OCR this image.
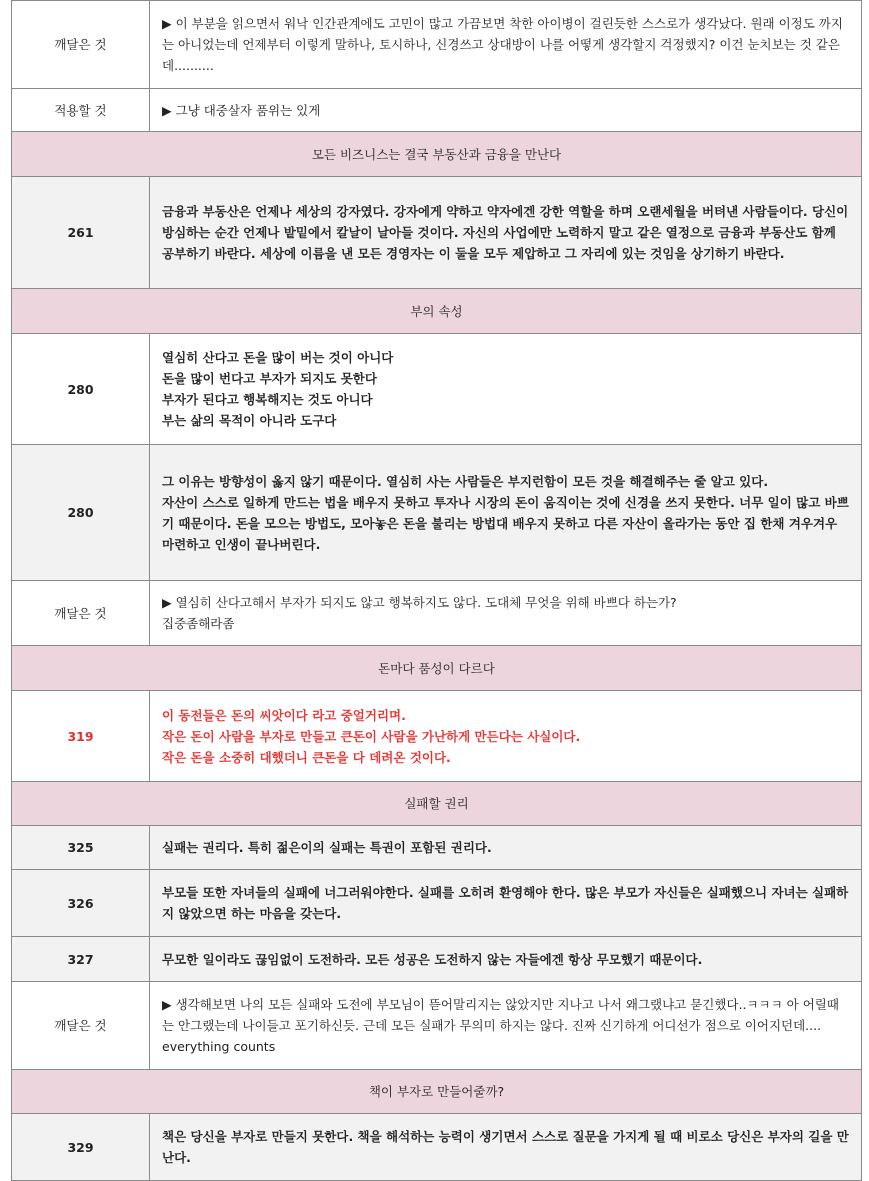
깨달은 것	▶ 이 부분을 읽으면서 워낙 인간관계에도 고민이 많고 가끔보면 착한 아이병이 걸린듯한 스스로가 생각났다. 원래 이정도 까지는 아니었는데 언제부터 이렇게 말하나, 토시하나, 신경쓰고 상대방이 나를 어떻게 생각할지 걱정했지? 이건 눈치보는 것 같은데..........

적용할 것	▶ 그냥 대중살자 품위는 있게

모든 비즈니스는 결국 부동산과 금융을 만난다	
261	금융과 부동산은 언제나 세상의 강자였다. 강자에게 약하고 약자에겐 강한 역할을 하며 오랜세월을 버텨낸 사람들이다. 당신이 방심하는 순간 언제나 밭밑에서 칼날이 날아들 것이다. 자신의 사업에만 노력하지 말고 같은 열정으로 금융과 부동산도 함께 공부하기 바란다. 세상에 이름을 낸 모든 경영자는 이 둘을 모두 제압하고 그 자리에 있는 것임을 상기하기 바란다.

부의 속성	
280	열심히 산다고 돈을 많이 버는 것이 아니다
돈을 많이 번다고 부자가 되지도 못한다
부자가 된다고 행복해지는 것도 아니다
부는 삶의 목적이 아니라 도구다

280	그 이유는 방향성이 옳지 않기 때문이다. 열심히 사는 사람들은 부지런함이 모든 것을 해결해주는 줄 알고 있다.
자산이 스스로 일하게 만드는 법을 배우지 못하고 투자나 시장의 돈이 움직이는 것에 신경을 쓰지 못한다. 너무 일이 많고 바쁘기 때문이다. 돈을 모으는 방법도, 모아놓은 돈을 불리는 방법대 배우지 못하고 다른 자산이 올라가는 동안 집 한채 겨우겨우 마련하고 인생이 끝나버린다.

깨달은 것	▶ 열심히 산다고해서 부자가 되지도 않고 행복하지도 않다. 도대체 무엇을 위해 바쁘다 하는가?
집중좀해라좀

돈마다 품성이 다르다	
319	이 동전들은 돈의 씨앗이다 라고 중얼거리며.
작은 돈이 사람을 부자로 만들고 큰돈이 사람을 가난하게 만든다는 사실이다.
작은 돈을 소중히 대했더니 큰돈을 다 데려온 것이다.

실패할 권리	
325	실패는 권리다. 특히 젊은이의 실패는 특권이 포함된 권리다.

326	부모들 또한 자녀들의 실패에 너그러워야한다. 실패를 오히려 환영해야 한다. 많은 부모가 자신들은 실패했으니 자녀는 실패하지 않았으면 하는 마음을 갖는다.

327	무모한 일이라도 끊임없이 도전하라. 모든 성공은 도전하지 않는 자들에겐 항상 무모했기 때문이다.

깨달은 것	▶ 생각해보면 나의 모든 실패와 도전에 부모님이 뜯어말리지는 않았지만 지나고 나서 왜그랬냐고 묻긴했다..ㅋㅋㅋ 아 어릴때는 안그랬는데 나이들고 포기하신듯. 근데 모든 실패가 무의미 하지는 않다. 진짜 신기하게 어디선가 점으로 이어지던데.... everything counts

책이 부자로 만들어줄까?	
329	책은 당신을 부자로 만들지 못한다. 책을 해석하는 능력이 생기면서 스스로 질문을 가지게 될 때 비로소 당신은 부자의 길을 만난다.
